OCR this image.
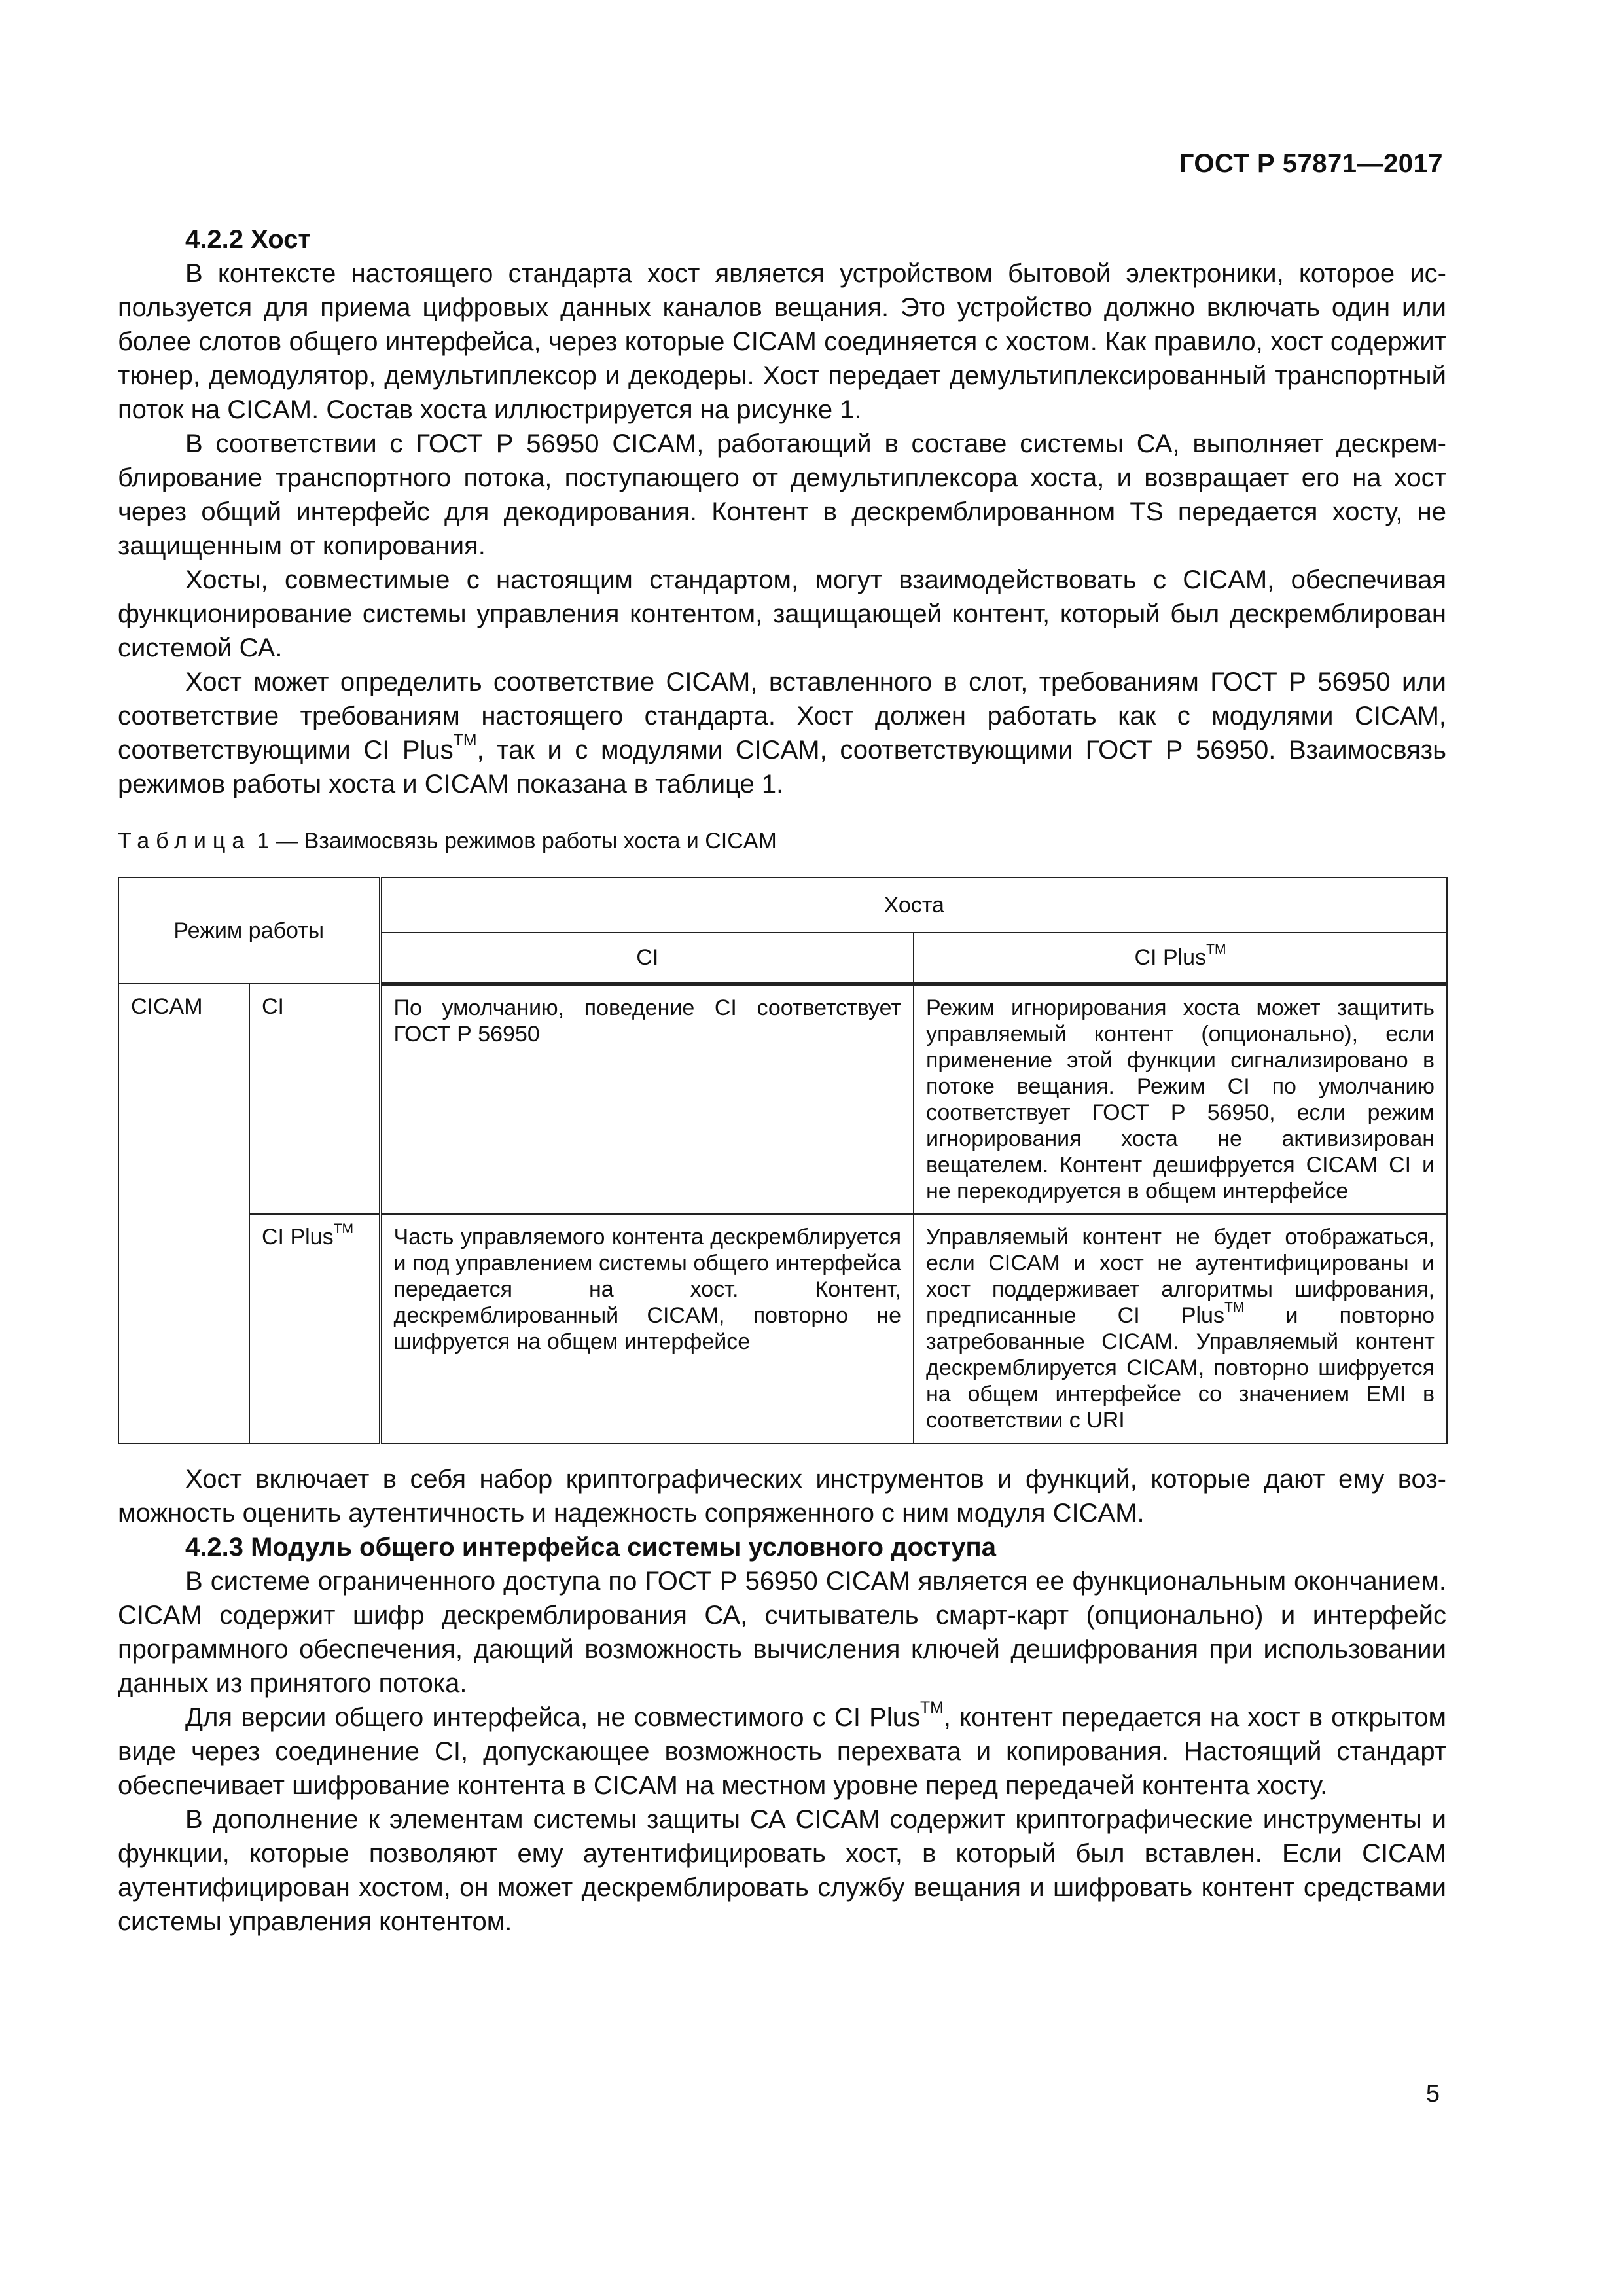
ГОСТ Р 57871—2017

4.2.2 Хост

В контексте настоящего стандарта хост является устройством бытовой электроники, которое используется для приема цифровых данных каналов вещания. Это устройство должно включать один или более слотов общего интерфейса, через которые CICAM соединяется с хостом. Как правило, хост содержит тюнер, демодулятор, демультиплексор и декодеры. Хост передает демультиплексированный транспортный поток на CICAM. Состав хоста иллюстрируется на рисунке 1.

В соответствии с ГОСТ Р 56950 CICAM, работающий в составе системы СА, выполняет дескремблирование транспортного потока, поступающего от демультиплексора хоста, и возвращает его на хост через общий интерфейс для декодирования. Контент в дескремблированном TS передается хосту, не защищенным от копирования.

Хосты, совместимые с настоящим стандартом, могут взаимодействовать с CICAM, обеспечивая функционирование системы управления контентом, защищающей контент, который был дескремблирован системой СА.

Хост может определить соответствие CICAM, вставленного в слот, требованиям ГОСТ Р 56950 или соответствие требованиям настоящего стандарта. Хост должен работать как с модулями CICAM, соответствующими CI Plus™, так и с модулями CICAM, соответствующими ГОСТ Р 56950. Взаимосвязь режимов работы хоста и CICAM показана в таблице 1.

Таблица 1 — Взаимосвязь режимов работы хоста и CICAM
Режим работы		Хоста	
		CI	CI Plus™
CICAM	CI	По умолчанию, поведение CI соответствует ГОСТ Р 56950	Режим игнорирования хоста может защитить управляемый контент (опционально), если применение этой функции сигнализировано в потоке вещания. Режим CI по умолчанию соответствует ГОСТ Р 56950, если режим игнорирования хоста не активизирован вещателем. Контент дешифруется CICAM CI и не перекодируется в общем интерфейсе
	CI Plus™	Часть управляемого контента дескремблируется и под управлением системы общего интерфейса передается на хост. Контент, дескремблированный CICAM, повторно не шифруется на общем интерфейсе	Управляемый контент не будет отображаться, если CICAM и хост не аутентифицированы и хост поддерживает алгоритмы шифрования, предписанные CI Plus™ и повторно затребованные CICAM. Управляемый контент дескремблируется CICAM, повторно шифруется на общем интерфейсе со значением EMI в соответствии с URI

Хост включает в себя набор криптографических инструментов и функций, которые дают ему возможность оценить аутентичность и надежность сопряженного с ним модуля CICAM.

4.2.3 Модуль общего интерфейса системы условного доступа

В системе ограниченного доступа по ГОСТ Р 56950 CICAM является ее функциональным окончанием. CICAM содержит шифр дескремблирования СА, считыватель смарт-карт (опционально) и интерфейс программного обеспечения, дающий возможность вычисления ключей дешифрования при использовании данных из принятого потока.

Для версии общего интерфейса, не совместимого с CI Plus™, контент передается на хост в открытом виде через соединение CI, допускающее возможность перехвата и копирования. Настоящий стандарт обеспечивает шифрование контента в CICAM на местном уровне перед передачей контента хосту.

В дополнение к элементам системы защиты СА CICAM содержит криптографические инструменты и функции, которые позволяют ему аутентифицировать хост, в который был вставлен. Если CICAM аутентифицирован хостом, он может дескремблировать службу вещания и шифровать контент средствами системы управления контентом.

5
